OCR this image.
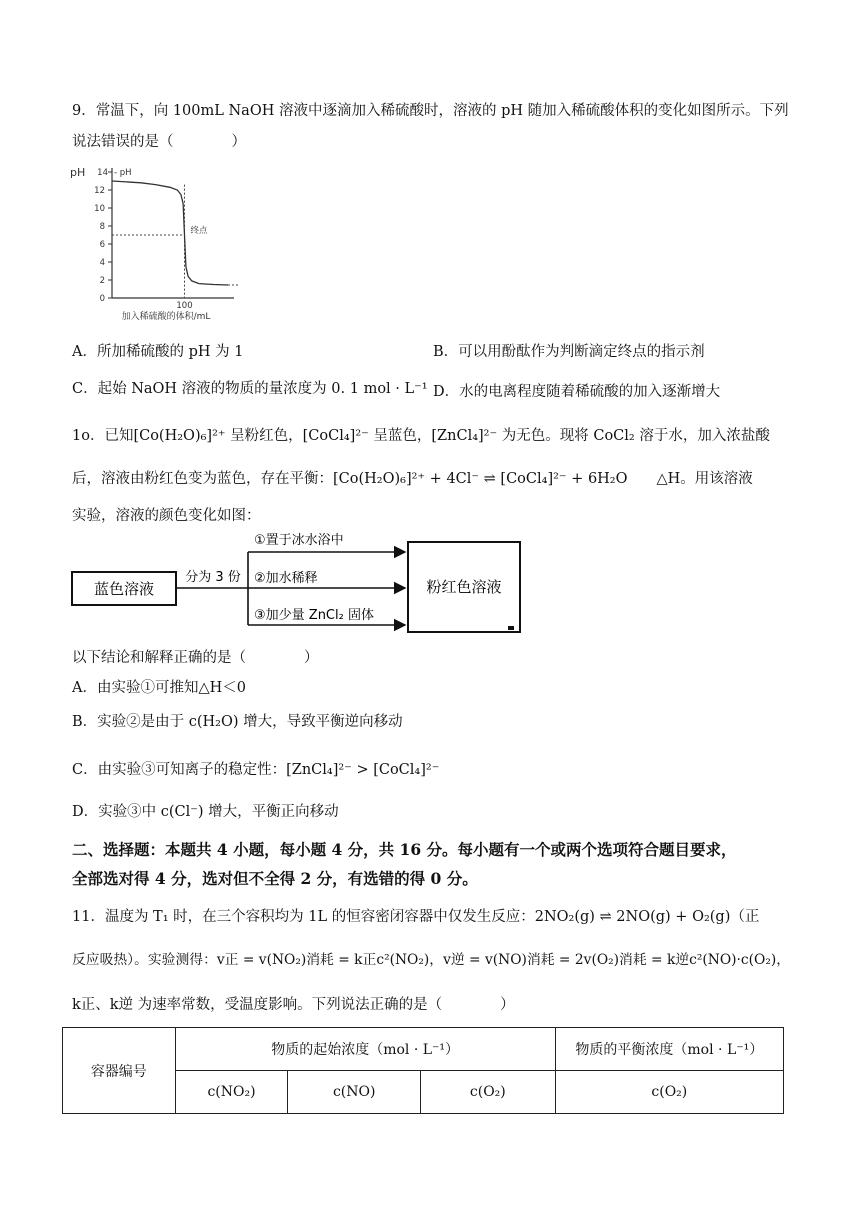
9．常温下，向 100mL NaOH 溶液中逐滴加入稀硫酸时，溶液的 pH 随加入稀硫酸体积的变化如图所示。下列
说法错误的是（　　　　）
pH
0
2
4
6
8
10
12
14 - pH
终点
100
加入稀硫酸的体积/mL
A．所加稀硫酸的 pH 为 1	B．可以用酚酞作为判断滴定终点的指示剂
C．起始 NaOH 溶液的物质的量浓度为 0. 1 mol · L⁻¹ D．水的电离程度随着稀硫酸的加入逐渐增大
1o．已知[Co(H₂O)₆]²⁺ 呈粉红色，[CoCl₄]²⁻ 呈蓝色，[ZnCl₄]²⁻ 为无色。现将 CoCl₂ 溶于水，加入浓盐酸
后，溶液由粉红色变为蓝色，存在平衡：[Co(H₂O)₆]²⁺ + 4Cl⁻ ⇌ [CoCl₄]²⁻ + 6H₂O　　△H。用该溶液
实验，溶液的颜色变化如图：
蓝色溶液
分为 3 份
①置于冰水浴中
②加水稀释
③加少量 ZnCl₂ 固体
粉红色溶液
以下结论和解释正确的是（　　　　）
A．由实验①可推知△H＜0
B．实验②是由于 c(H₂O) 增大，导致平衡逆向移动
C．由实验③可知离子的稳定性：[ZnCl₄]²⁻ > [CoCl₄]²⁻
D．实验③中 c(Cl⁻) 增大，平衡正向移动
二、选择题：本题共 4 小题，每小题 4 分，共 16 分。每小题有一个或两个选项符合题目要求，
全部选对得 4 分，选对但不全得 2 分，有选错的得 0 分。
11．温度为 T₁ 时，在三个容积均为 1L 的恒容密闭容器中仅发生反应：2NO₂(g) ⇌ 2NO(g) + O₂(g)（正
反应吸热）。实验测得：v正 = v(NO₂)消耗 = k正c²(NO₂)，v逆 = v(NO)消耗 = 2v(O₂)消耗 = k逆c²(NO)·c(O₂)，
k正、k逆 为速率常数，受温度影响。下列说法正确的是（　　　　）
容器编号	物质的起始浓度（mol · L⁻¹）			物质的平衡浓度（mol · L⁻¹）
	c(NO₂)	c(NO)	c(O₂)	c(O₂)
